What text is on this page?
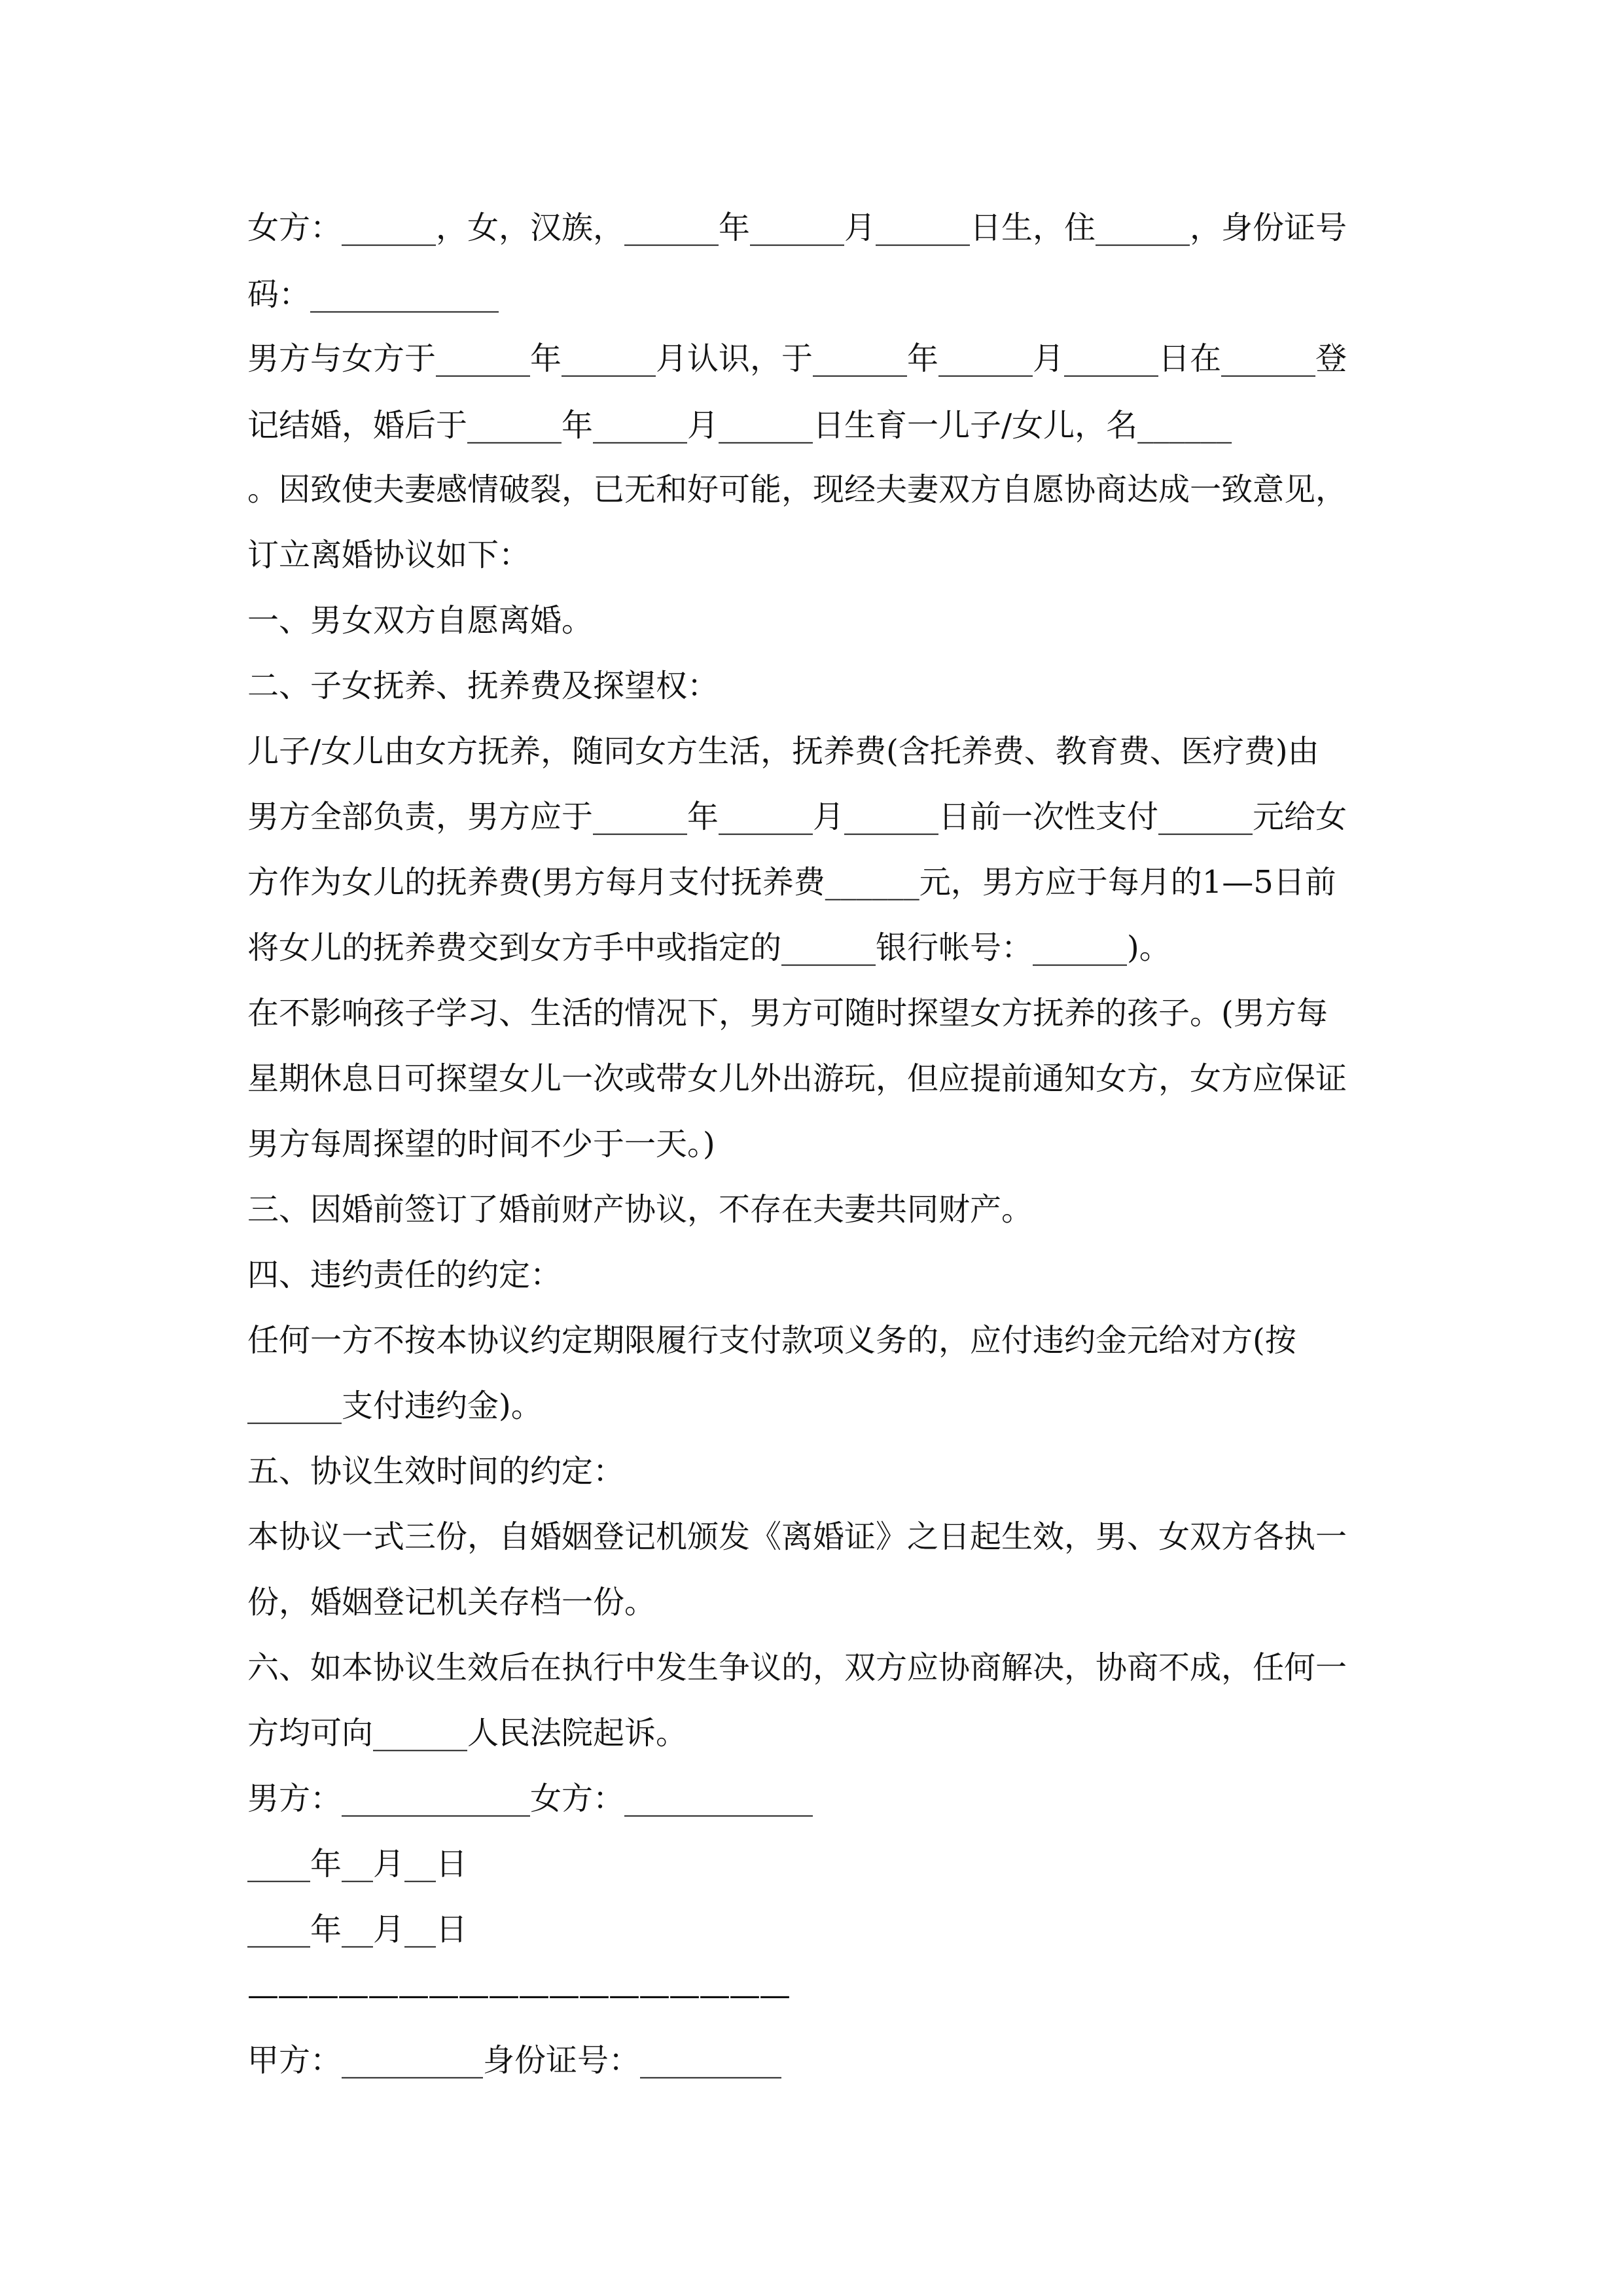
女方：______，女，汉族，______年______月______日生，住______，身份证号
码：____________
男方与女方于______年______月认识，于______年______月______日在______登
记结婚，婚后于______年______月______日生育一儿子/女儿，名______
。因致使夫妻感情破裂，已无和好可能，现经夫妻双方自愿协商达成一致意见，
订立离婚协议如下：
一、男女双方自愿离婚。
二、子女抚养、抚养费及探望权：
儿子/女儿由女方抚养，随同女方生活，抚养费(含托养费、教育费、医疗费)由
男方全部负责，男方应于______年______月______日前一次性支付______元给女
方作为女儿的抚养费(男方每月支付抚养费______元，男方应于每月的1—5日前
将女儿的抚养费交到女方手中或指定的______银行帐号：______)。
在不影响孩子学习、生活的情况下，男方可随时探望女方抚养的孩子。(男方每
星期休息日可探望女儿一次或带女儿外出游玩，但应提前通知女方，女方应保证
男方每周探望的时间不少于一天。)
三、因婚前签订了婚前财产协议，不存在夫妻共同财产。
四、违约责任的约定：
任何一方不按本协议约定期限履行支付款项义务的，应付违约金元给对方(按
______支付违约金)。
五、协议生效时间的约定：
本协议一式三份，自婚姻登记机颁发《离婚证》之日起生效，男、女双方各执一
份，婚姻登记机关存档一份。
六、如本协议生效后在执行中发生争议的，双方应协商解决，协商不成，任何一
方均可向______人民法院起诉。
男方：____________女方：____________
____年__月__日
____年__月__日
——————————————————
甲方：_________身份证号：_________
